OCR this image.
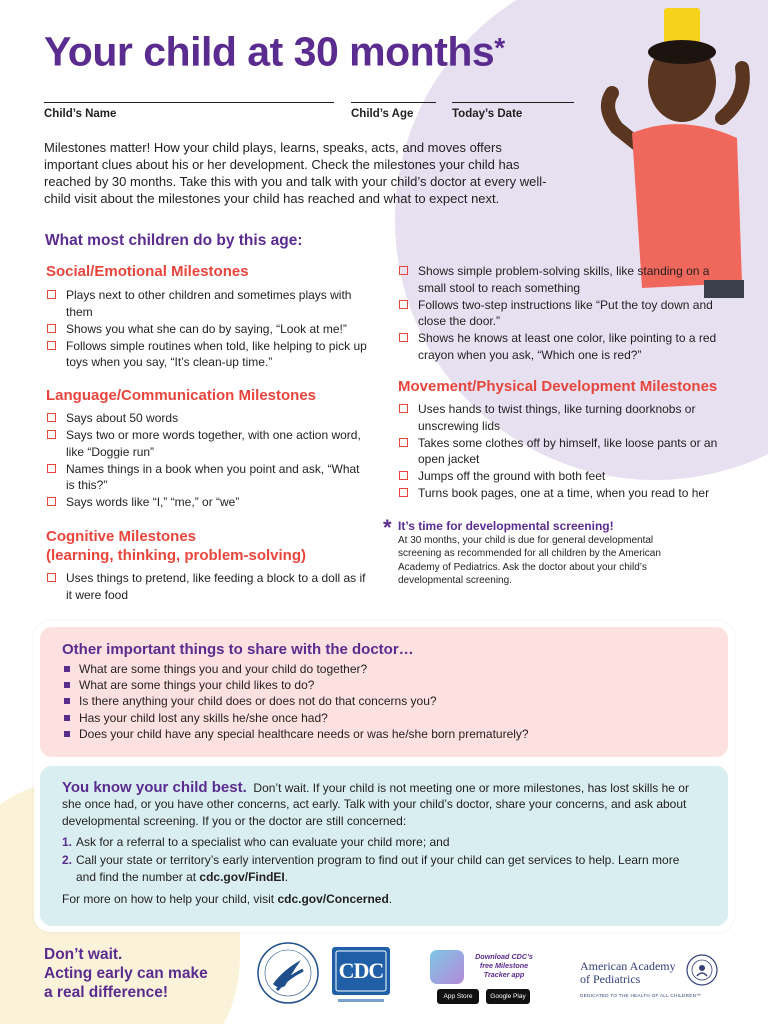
Your child at 30 months*
Child’s Name	Child’s Age	Today’s Date

Milestones matter! How your child plays, learns, speaks, acts, and moves offers important clues about his or her development. Check the milestones your child has reached by 30 months. Take this with you and talk with your child’s doctor at every well-child visit about the milestones your child has reached and what to expect next.

What most children do by this age:
Social/Emotional Milestones
Plays next to other children and sometimes plays with them
Shows you what she can do by saying, “Look at me!”
Follows simple routines when told, like helping to pick up toys when you say, “It’s clean-up time.”
Language/Communication Milestones
Says about 50 words
Says two or more words together, with one action word, like “Doggie run”
Names things in a book when you point and ask, “What is this?”
Says words like “I,” “me,” or “we”
Cognitive Milestones
(learning, thinking, problem-solving)
Uses things to pretend, like feeding a block to a doll as if it were food
Shows simple problem-solving skills, like standing on a small stool to reach something
Follows two-step instructions like “Put the toy down and close the door.”
Shows he knows at least one color, like pointing to a red crayon when you ask, “Which one is red?”
Movement/Physical Development Milestones
Uses hands to twist things, like turning doorknobs or unscrewing lids
Takes some clothes off by himself, like loose pants or an open jacket
Jumps off the ground with both feet
Turns book pages, one at a time, when you read to her
* It’s time for developmental screening!

At 30 months, your child is due for general developmental screening as recommended for all children by the American Academy of Pediatrics. Ask the doctor about your child’s developmental screening.

Other important things to share with the doctor…
What are some things you and your child do together?
What are some things your child likes to do?
Is there anything your child does or does not do that concerns you?
Has your child lost any skills he/she once had?
Does your child have any special healthcare needs or was he/she born prematurely?
You know your child best. Don’t wait. If your child is not meeting one or more milestones, has lost skills he or she once had, or you have other concerns, act early. Talk with your child’s doctor, share your concerns, and ask about developmental screening. If you or the doctor are still concerned:
1. Ask for a referral to a specialist who can evaluate your child more; and
2. Call your state or territory’s early intervention program to find out if your child can get services to help. Learn more and find the number at cdc.gov/FindEI.
For more on how to help your child, visit cdc.gov/Concerned.
Don’t wait.
Acting early can make
a real difference!
CDC
Download CDC’s free Milestone Tracker app
App Store	Google Play
American Academy
of Pediatrics
DEDICATED TO THE HEALTH OF ALL CHILDREN™
